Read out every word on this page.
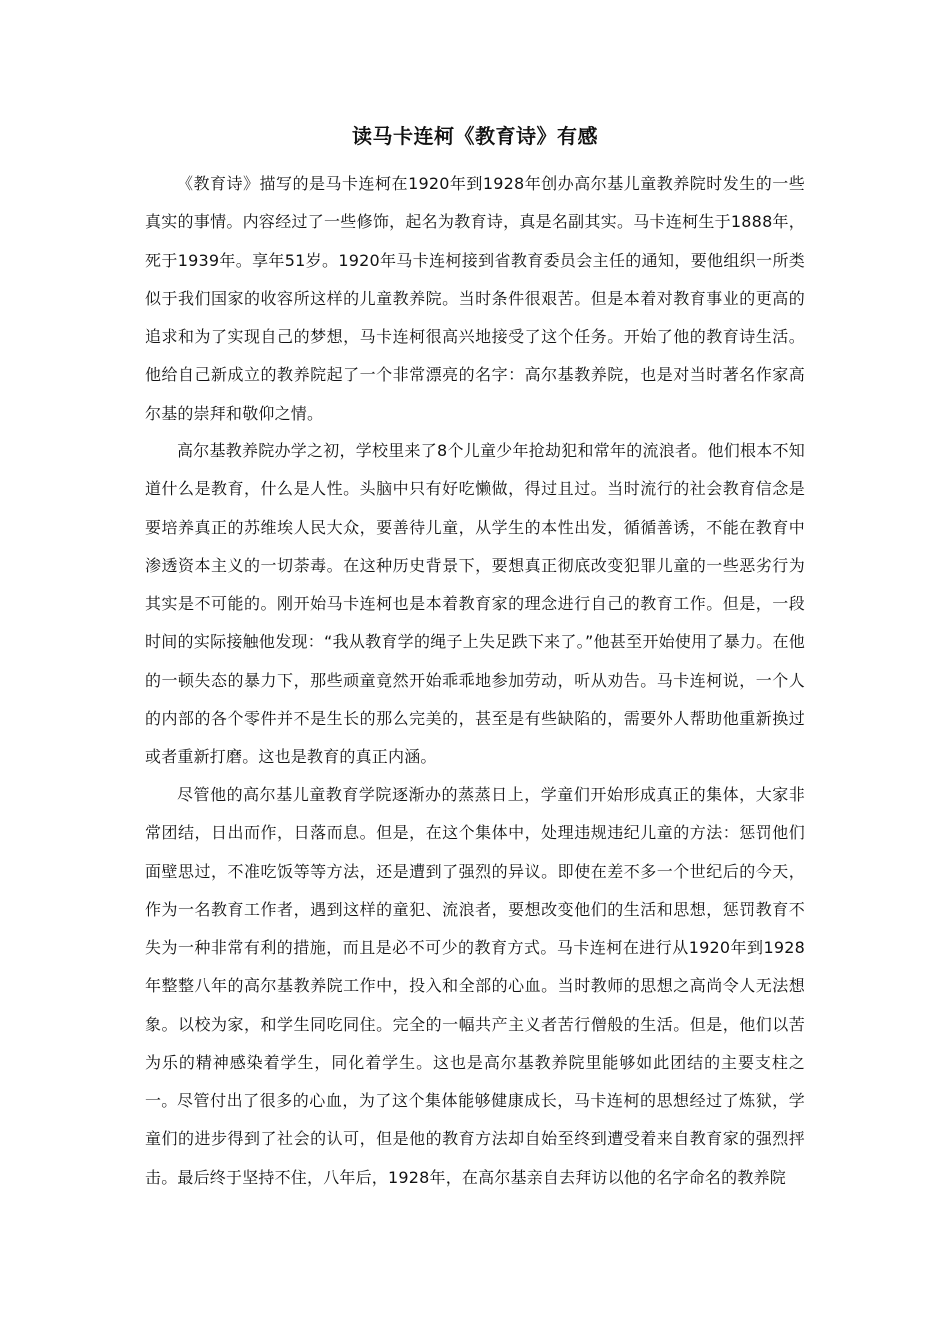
读马卡连柯《教育诗》有感

《教育诗》描写的是马卡连柯在1920年到1928年创办高尔基儿童教养院时发生的一些真实的事情。内容经过了一些修饰，起名为教育诗，真是名副其实。马卡连柯生于1888年，死于1939年。享年51岁。1920年马卡连柯接到省教育委员会主任的通知，要他组织一所类似于我们国家的收容所这样的儿童教养院。当时条件很艰苦。但是本着对教育事业的更高的追求和为了实现自己的梦想，马卡连柯很高兴地接受了这个任务。开始了他的教育诗生活。他给自己新成立的教养院起了一个非常漂亮的名字：高尔基教养院，也是对当时著名作家高尔基的崇拜和敬仰之情。

高尔基教养院办学之初，学校里来了8个儿童少年抢劫犯和常年的流浪者。他们根本不知道什么是教育，什么是人性。头脑中只有好吃懒做，得过且过。当时流行的社会教育信念是要培养真正的苏维埃人民大众，要善待儿童，从学生的本性出发，循循善诱，不能在教育中渗透资本主义的一切荼毒。在这种历史背景下，要想真正彻底改变犯罪儿童的一些恶劣行为其实是不可能的。刚开始马卡连柯也是本着教育家的理念进行自己的教育工作。但是，一段时间的实际接触他发现：“我从教育学的绳子上失足跌下来了。”他甚至开始使用了暴力。在他的一顿失态的暴力下，那些顽童竟然开始乖乖地参加劳动，听从劝告。马卡连柯说，一个人的内部的各个零件并不是生长的那么完美的，甚至是有些缺陷的，需要外人帮助他重新换过或者重新打磨。这也是教育的真正内涵。

尽管他的高尔基儿童教育学院逐渐办的蒸蒸日上，学童们开始形成真正的集体，大家非常团结，日出而作，日落而息。但是，在这个集体中，处理违规违纪儿童的方法：惩罚他们面壁思过，不准吃饭等等方法，还是遭到了强烈的异议。即使在差不多一个世纪后的今天，作为一名教育工作者，遇到这样的童犯、流浪者，要想改变他们的生活和思想，惩罚教育不失为一种非常有利的措施，而且是必不可少的教育方式。马卡连柯在进行从1920年到1928年整整八年的高尔基教养院工作中，投入和全部的心血。当时教师的思想之高尚令人无法想象。以校为家，和学生同吃同住。完全的一幅共产主义者苦行僧般的生活。但是，他们以苦为乐的精神感染着学生，同化着学生。这也是高尔基教养院里能够如此团结的主要支柱之一。 尽管付出了很多的心血，为了这个集体能够健康成长，马卡连柯的思想经过了炼狱，学童们的进步得到了社会的认可，但是他的教育方法却自始至终到遭受着来自教育家的强烈抨击。最后终于坚持不住，八年后，1928年，在高尔基亲自去拜访以他的名字命名的教养院
